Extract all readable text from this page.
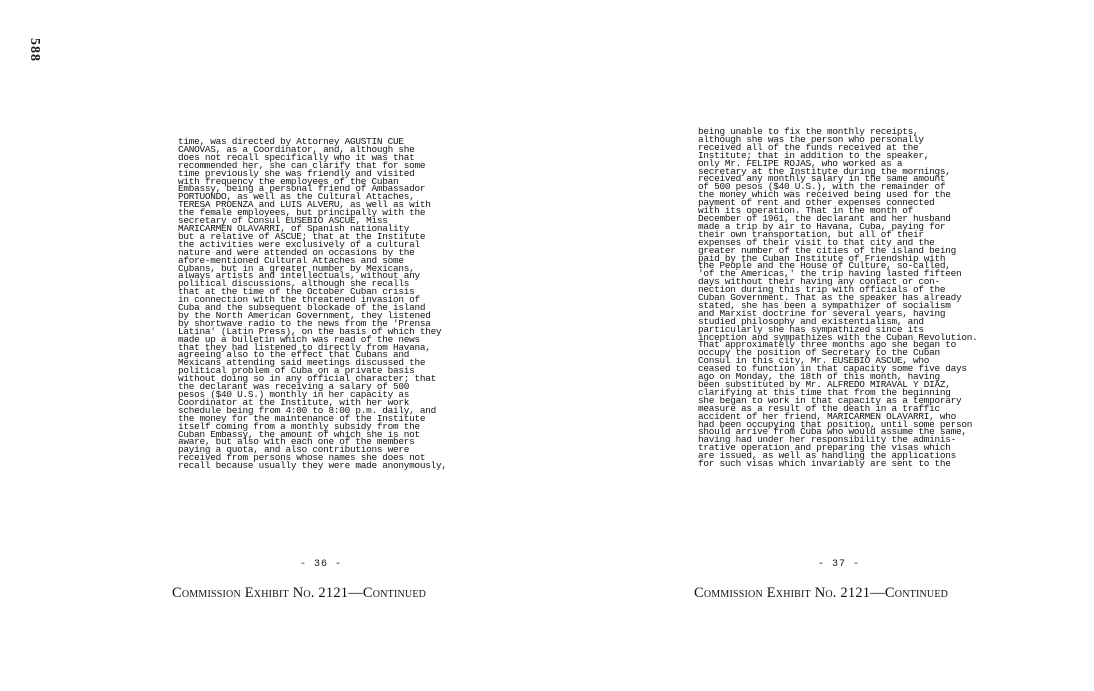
588
time, was directed by Attorney AGUSTIN CUE
CANOVAS, as a Coordinator, and, although she
does not recall specifically who it was that
recommended her, she can clarify that for some
time previously she was friendly and visited
with frequency the employees of the Cuban
Embassy, being a personal friend of Ambassador
PORTUONDO, as well as the Cultural Attaches,
TERESA PROENZA and LUIS ALVERU, as well as with
the female employees, but principally with the
secretary of Consul EUSEBIO ASCUE, Miss
MARICARMEN OLAVARRI, of Spanish nationality
but a relative of ASCUE; that at the Institute
the activities were exclusively of a cultural
nature and were attended on occasions by the
afore-mentioned Cultural Attaches and some
Cubans, but in a greater number by Mexicans,
always artists and intellectuals, without any
political discussions, although she recalls
that at the time of the October Cuban crisis
in connection with the threatened invasion of
Cuba and the subsequent blockade of the island
by the North American Government, they listened
by shortwave radio to the news from the 'Prensa
Latina' (Latin Press), on the basis of which they
made up a bulletin which was read of the news
that they had listened to directly from Havana,
agreeing also to the effect that Cubans and
Mexicans attending said meetings discussed the
political problem of Cuba on a private basis
without doing so in any official character; that
the declarant was receiving a salary of 500
pesos ($40 U.S.) monthly in her capacity as
Coordinator at the Institute, with her work
schedule being from 4:00 to 8:00 p.m. daily, and
the money for the maintenance of the Institute
itself coming from a monthly subsidy from the
Cuban Embassy, the amount of which she is not
aware, but also with each one of the members
paying a quota, and also contributions were
received from persons whose names she does not
recall because usually they were made anonymously,
- 36 -
Commission Exhibit No. 2121—Continued
being unable to fix the monthly receipts,
although she was the person who personally
received all of the funds received at the
Institute; that in addition to the speaker,
only Mr. FELIPE ROJAS, who worked as a
secretary at the Institute during the mornings,
received any monthly salary in the same amount
of 500 pesos ($40 U.S.), with the remainder of
the money which was received being used for the
payment of rent and other expenses connected
with its operation. That in the month of
December of 1961, the declarant and her husband
made a trip by air to Havana, Cuba, paying for
their own transportation, but all of their
expenses of their visit to that city and the
greater number of the cities of the island being
paid by the Cuban Institute of Friendship with
the People and the House of Culture, so-called,
'of the Americas,' the trip having lasted fifteen
days without their having any contact or con-
nection during this trip with officials of the
Cuban Government. That as the speaker has already
stated, she has been a sympathizer of socialism
and Marxist doctrine for several years, having
studied philosophy and existentialism, and
particularly she has sympathized since its
inception and sympathizes with the Cuban Revolution.
That approximately three months ago she began to
occupy the position of Secretary to the Cuban
Consul in this city, Mr. EUSEBIO ASCUE, who
ceased to function in that capacity some five days
ago on Monday, the 18th of this month, having
been substituted by Mr. ALFREDO MIRAVAL Y DIAZ,
clarifying at this time that from the beginning
she began to work in that capacity as a temporary
measure as a result of the death in a traffic
accident of her friend, MARICARMEN OLAVARRI, who
had been occupying that position, until some person
should arrive from Cuba who would assume the same,
having had under her responsibility the adminis-
trative operation and preparing the visas which
are issued, as well as handling the applications
for such visas which invariably are sent to the
- 37 -
Commission Exhibit No. 2121—Continued
